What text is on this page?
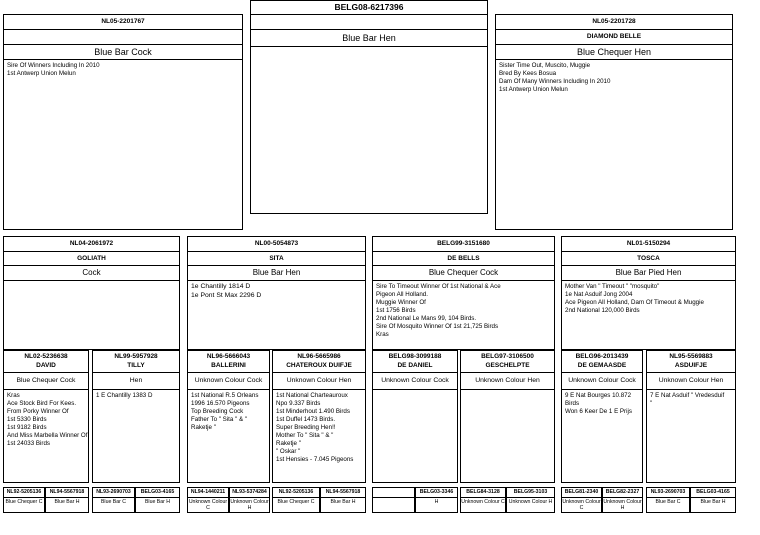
BELG08-6217396
Blue Bar Hen
NL05-2201767
Blue Bar Cock
Sire Of Winners Including In 2010
1st Antwerp Union Melun
NL05-2201728
DIAMOND BELLE
Blue Chequer Hen
Sister Time Out, Muscito, Muggie
Bred By Kees Bosua
Dam Of Many Winners Including In 2010
1st Antwerp Union Melun
NL04-2061972
GOLIATH
Cock
NL00-5054873
SITA
Blue Bar Hen
1e Chantilly 1814 D
1e Pont St Max 2296 D
BELG99-3151680
DE BELLS
Blue Chequer Cock
Sire To Timeout Winner Of 1st National & Ace
Pigeon All Holland.
Muggie Winner Of
1st 1756 Birds
2nd National Le Mans 99, 104 Birds.
Sire Of Mosquito Winner Of 1st 21,725 Birds
Kras
NL01-5150294
TOSCA
Blue Bar Pied Hen
Mother Van " Timeout " "mosquito"
1e Nat Asduif Jong 2004
Ace Pigeon All Holland, Dam Of Timeout & Muggie
2nd National 120,000 Birds
NL02-5236638
DAVID
Blue Chequer Cock
Kras
Ace Stock Bird For Kees.
From Porky Winner Of
1st 5330 Birds
1st 9182 Birds
And Miss Marbella Winner Of
1st 24033 Birds
NL99-5957928
TILLY
Hen
1 E Chantilly 1383 D
NL96-5666043
BALLERINI
Unknown Colour Cock
1st National R.5 Orleans
1996 16.570 Pigeons
Top Breeding Cock
Father To " Sita " & "
Raketje "
NL96-5665986
CHATEROUX DUIFJE
Unknown Colour Hen
1st National Charteauroux
Npo 9.337 Birds
1st Minderhout 1.490 Birds
1st Duffel 1473 Birds.
Super Breeding Hen!!
Mother To " Sita " & "
Raketje "
" Oskar "
1st Hensies - 7.045 Pigeons
BELG98-3099188
DE DANIEL
Unknown Colour Cock
BELG97-3106500
GESCHELPTE
Unknown Colour Hen
BELG96-2013439
DE GEMAASDE
Unknown Colour Cock
9 E Nat Bourges 10.872
Birds
Won 6 Keer De 1 E Prijs
NL95-5569883
ASDUIFJE
Unknown Colour Hen
7 E Nat Asduif " Vredesduif
"
NL92-5205136
Blue Chequer C
NL94-5567918
Blue Bar H
NL93-2690703
Blue Bar C
BELG03-4165
Blue Bar H
NL94-1440211
Unknown Colour C
NL93-5374284
Unknown Colour H
NL92-5205136
Blue Chequer C
NL94-5567918
Blue Bar H
BELG03-3346
H
BELG84-3128
Unknown Colour C
BELG95-3103
Unknown Colour H
BELG81-2340
Unknown Colour C
BELG82-2327
Unknown Colour H
NL93-2690703
Blue Bar C
BELG03-4165
Blue Bar H
